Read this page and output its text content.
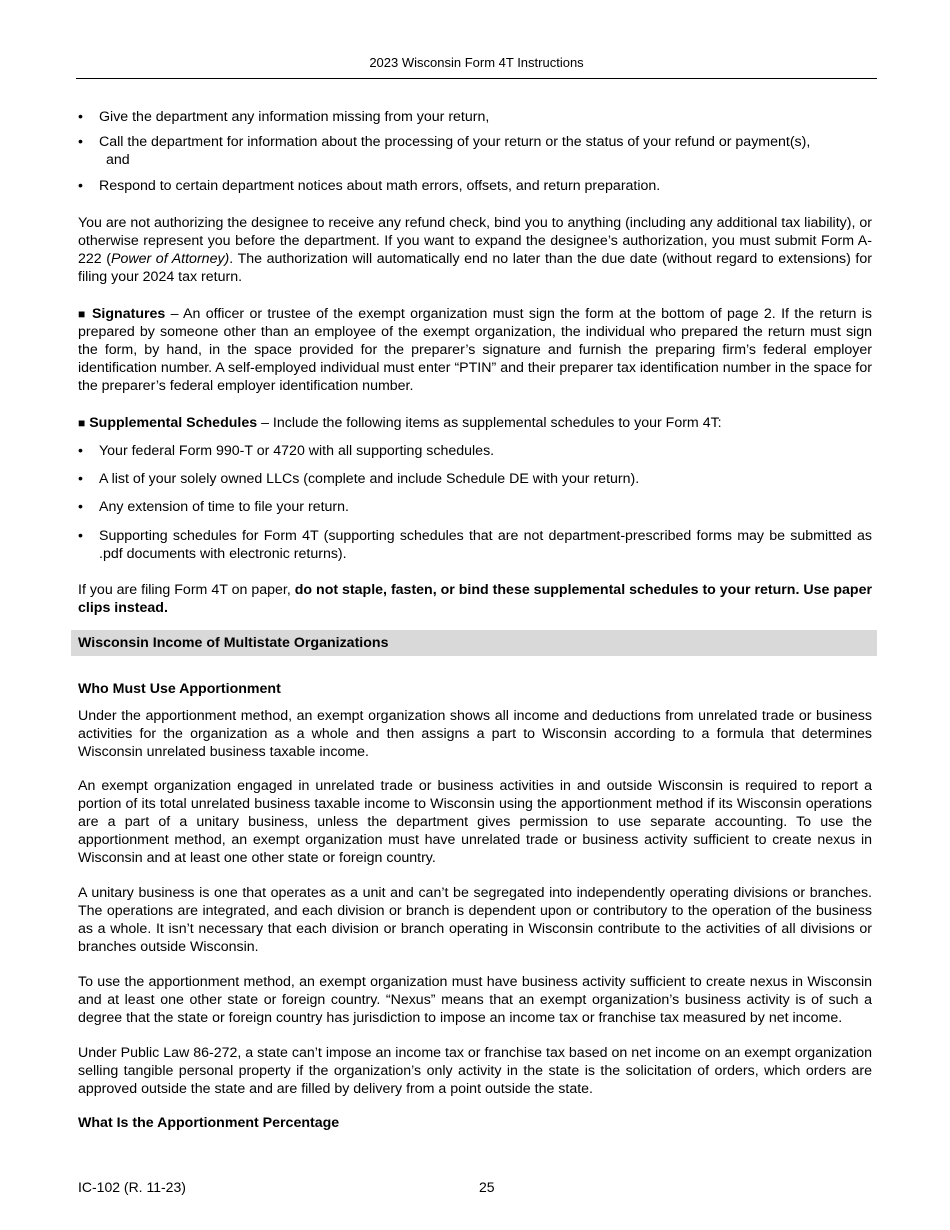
2023 Wisconsin Form 4T Instructions
• Give the department any information missing from your return,
• Call the department for information about the processing of your return or the status of your refund or payment(s),
and
• Respond to certain department notices about math errors, offsets, and return preparation.

You are not authorizing the designee to receive any refund check, bind you to anything (including any additional tax liability), or otherwise represent you before the department. If you want to expand the designee’s authorization, you must submit Form A-222 (Power of Attorney). The authorization will automatically end no later than the due date (without regard to extensions) for filing your 2024 tax return.

■ Signatures – An officer or trustee of the exempt organization must sign the form at the bottom of page 2. If the return is prepared by someone other than an employee of the exempt organization, the individual who prepared the return must sign the form, by hand, in the space provided for the preparer’s signature and furnish the preparing firm’s federal employer identification number. A self-employed individual must enter “PTIN” and their preparer tax identification number in the space for the preparer’s federal employer identification number.

■ Supplemental Schedules – Include the following items as supplemental schedules to your Form 4T:

• Your federal Form 990-T or 4720 with all supporting schedules.
• A list of your solely owned LLCs (complete and include Schedule DE with your return).
• Any extension of time to file your return.
• Supporting schedules for Form 4T (supporting schedules that are not department-prescribed forms may be submitted as .pdf documents with electronic returns).

If you are filing Form 4T on paper, do not staple, fasten, or bind these supplemental schedules to your return. Use paper clips instead.

Wisconsin Income of Multistate Organizations
Who Must Use Apportionment

Under the apportionment method, an exempt organization shows all income and deductions from unrelated trade or business activities for the organization as a whole and then assigns a part to Wisconsin according to a formula that determines Wisconsin unrelated business taxable income.

An exempt organization engaged in unrelated trade or business activities in and outside Wisconsin is required to report a portion of its total unrelated business taxable income to Wisconsin using the apportionment method if its Wisconsin operations are a part of a unitary business, unless the department gives permission to use separate accounting. To use the apportionment method, an exempt organization must have unrelated trade or business activity sufficient to create nexus in Wisconsin and at least one other state or foreign country.

A unitary business is one that operates as a unit and can’t be segregated into independently operating divisions or branches. The operations are integrated, and each division or branch is dependent upon or contributory to the operation of the business as a whole. It isn’t necessary that each division or branch operating in Wisconsin contribute to the activities of all divisions or branches outside Wisconsin.

To use the apportionment method, an exempt organization must have business activity sufficient to create nexus in Wisconsin and at least one other state or foreign country. “Nexus” means that an exempt organization’s business activity is of such a degree that the state or foreign country has jurisdiction to impose an income tax or franchise tax measured by net income.

Under Public Law 86-272, a state can’t impose an income tax or franchise tax based on net income on an exempt organization selling tangible personal property if the organization’s only activity in the state is the solicitation of orders, which orders are approved outside the state and are filled by delivery from a point outside the state.

What Is the Apportionment Percentage
IC-102 (R. 11-23)	25
